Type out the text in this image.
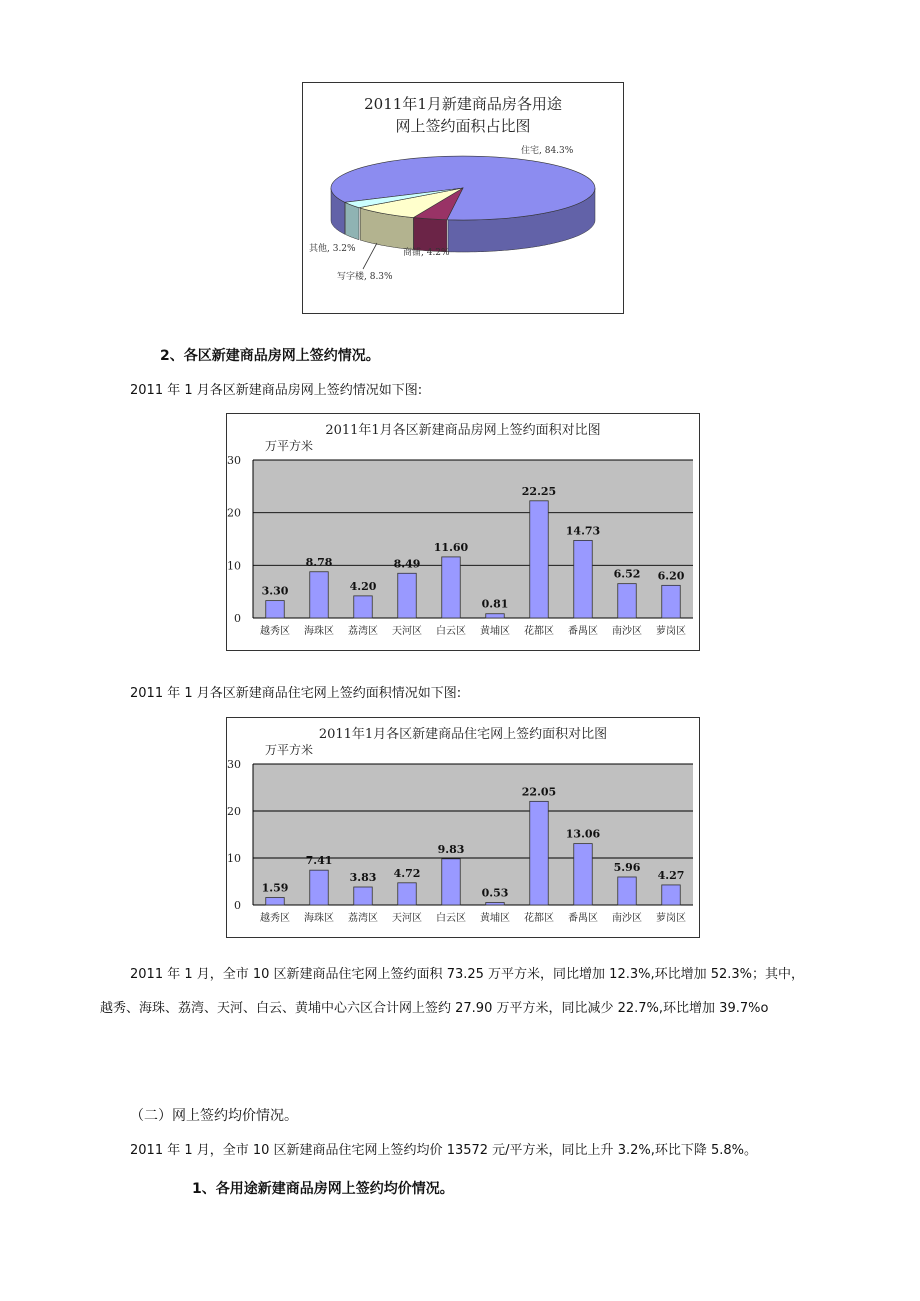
2011年1月新建商品房各用途
网上签约面积占比图
住宅, 84.3%
其他, 3.2%	商铺, 4.2%
写字楼, 8.3%
2、各区新建商品房网上签约情况。
2011 年 1 月各区新建商品房网上签约情况如下图:
2011年1月各区新建商品房网上签约面积对比图
万平方米
0
10
20
30
3.30
越秀区
8.78
海珠区
4.20
荔湾区
8.49
天河区
11.60
白云区
0.81
黄埔区
22.25
花都区
14.73
番禺区
6.52
南沙区
6.20
萝岗区
2011 年 1 月各区新建商品住宅网上签约面积情况如下图:
2011年1月各区新建商品住宅网上签约面积对比图
万平方米
0
10
20
30
1.59
越秀区
7.41
海珠区
3.83
荔湾区
4.72
天河区
9.83
白云区
0.53
黄埔区
22.05
花都区
13.06
番禺区
5.96
南沙区
4.27
萝岗区
2011 年 1 月，全市 10 区新建商品住宅网上签约面积 73.25 万平方米，同比增加 12.3%,环比增加 52.3%；其中，越秀、海珠、荔湾、天河、白云、黄埔中心六区合计网上签约 27.90 万平方米，同比减少 22.7%,环比增加 39.7%o
（二）网上签约均价情况。
2011 年 1 月，全市 10 区新建商品住宅网上签约均价 13572 元/平方米，同比上升 3.2%,环比下降 5.8%。
1、各用途新建商品房网上签约均价情况。
